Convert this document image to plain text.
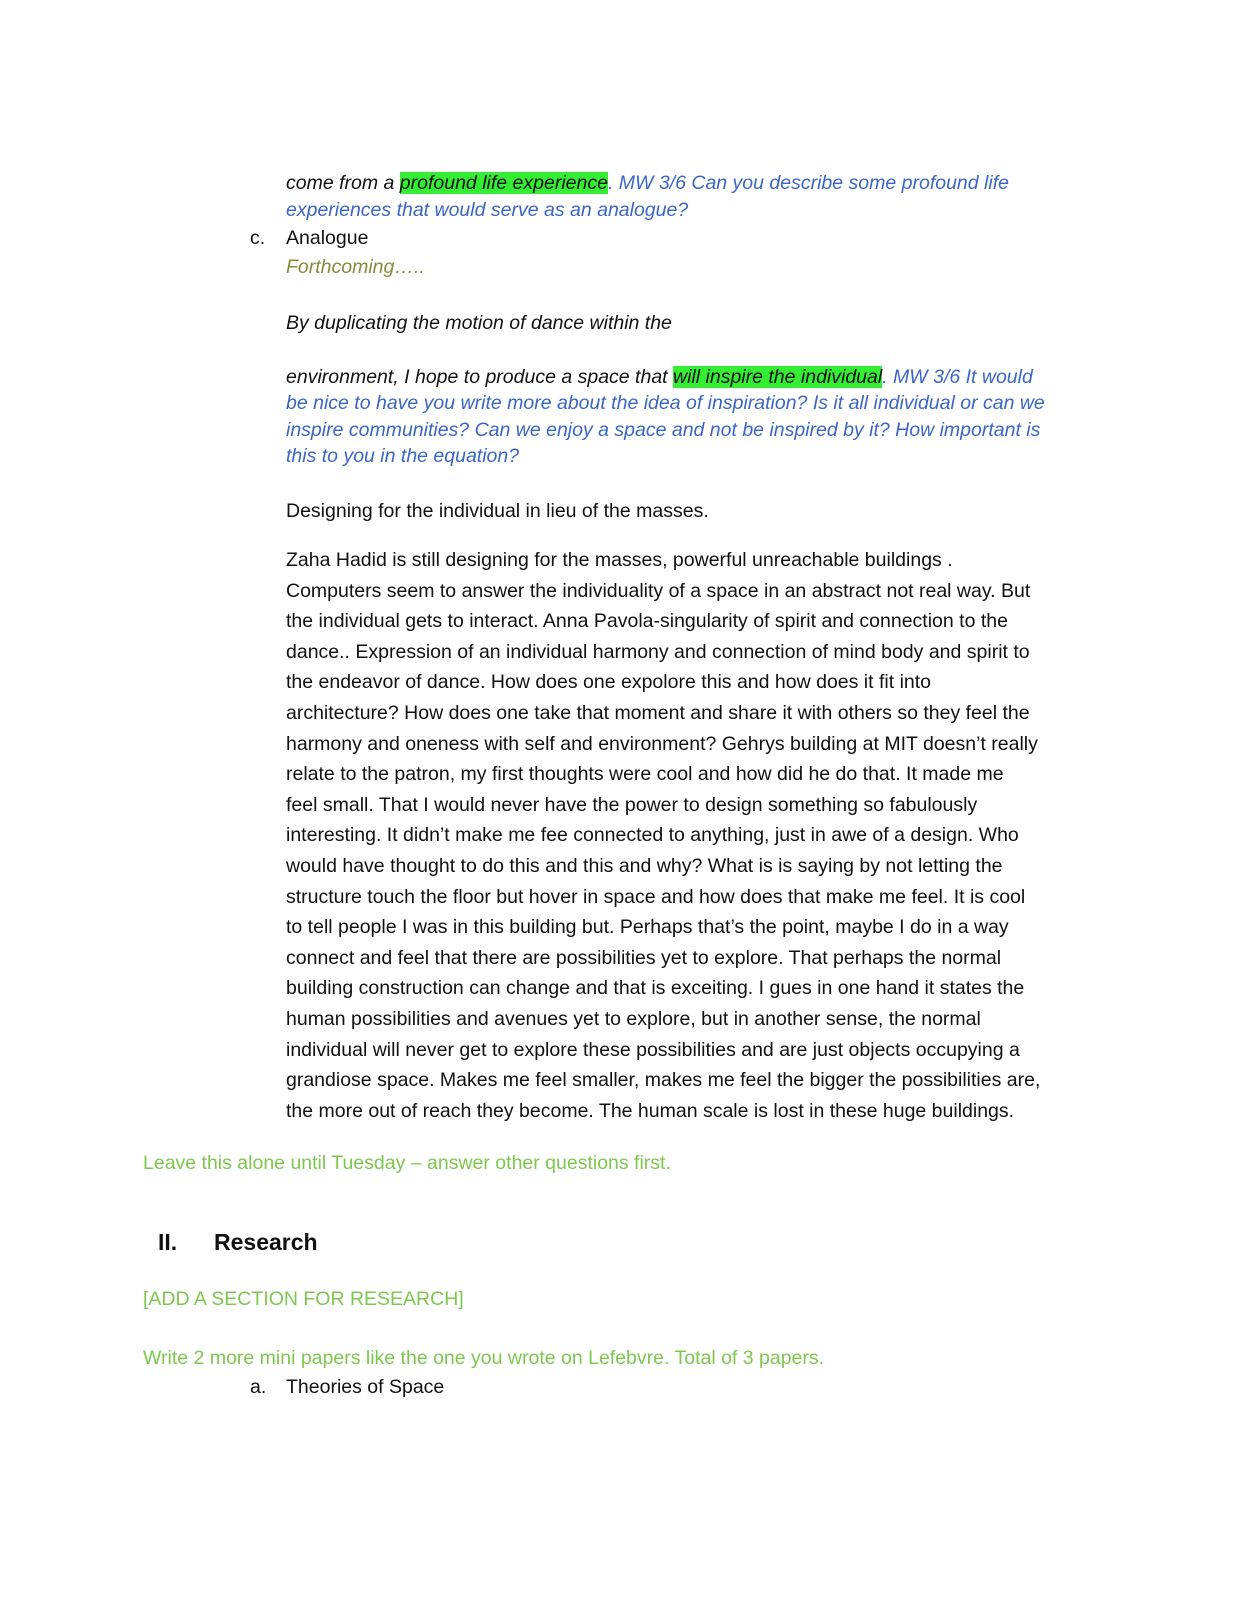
come from a profound life experience. MW 3/6 Can you describe some profound life
experiences that would serve as an analogue?
c. Analogue
Forthcoming…..
By duplicating the motion of dance within the
environment, I hope to produce a space that will inspire the individual. MW 3/6 It would
be nice to have you write more about the idea of inspiration? Is it all individual or can we
inspire communities? Can we enjoy a space and not be inspired by it? How important is
this to you in the equation?
Designing for the individual in lieu of the masses.

Zaha Hadid is still designing for the masses, powerful unreachable buildings .

Computers seem to answer the individuality of a space in an abstract not real way. But

the individual gets to interact. Anna Pavola-singularity of spirit and connection to the

dance.. Expression of an individual harmony and connection of mind body and spirit to

the endeavor of dance. How does one expolore this and how does it fit into

architecture? How does one take that moment and share it with others so they feel the

harmony and oneness with self and environment? Gehrys building at MIT doesn’t really

relate to the patron, my first thoughts were cool and how did he do that. It made me

feel small. That I would never have the power to design something so fabulously

interesting. It didn’t make me fee connected to anything, just in awe of a design. Who

would have thought to do this and this and why? What is is saying by not letting the

structure touch the floor but hover in space and how does that make me feel. It is cool

to tell people I was in this building but. Perhaps that’s the point, maybe I do in a way

connect and feel that there are possibilities yet to explore. That perhaps the normal

building construction can change and that is exceiting. I gues in one hand it states the

human possibilities and avenues yet to explore, but in another sense, the normal

individual will never get to explore these possibilities and are just objects occupying a

grandiose space. Makes me feel smaller, makes me feel the bigger the possibilities are,

the more out of reach they become. The human scale is lost in these huge buildings.

Leave this alone until Tuesday – answer other questions first.
II. Research
[ADD A SECTION FOR RESEARCH]
Write 2 more mini papers like the one you wrote on Lefebvre. Total of 3 papers.
a. Theories of Space
